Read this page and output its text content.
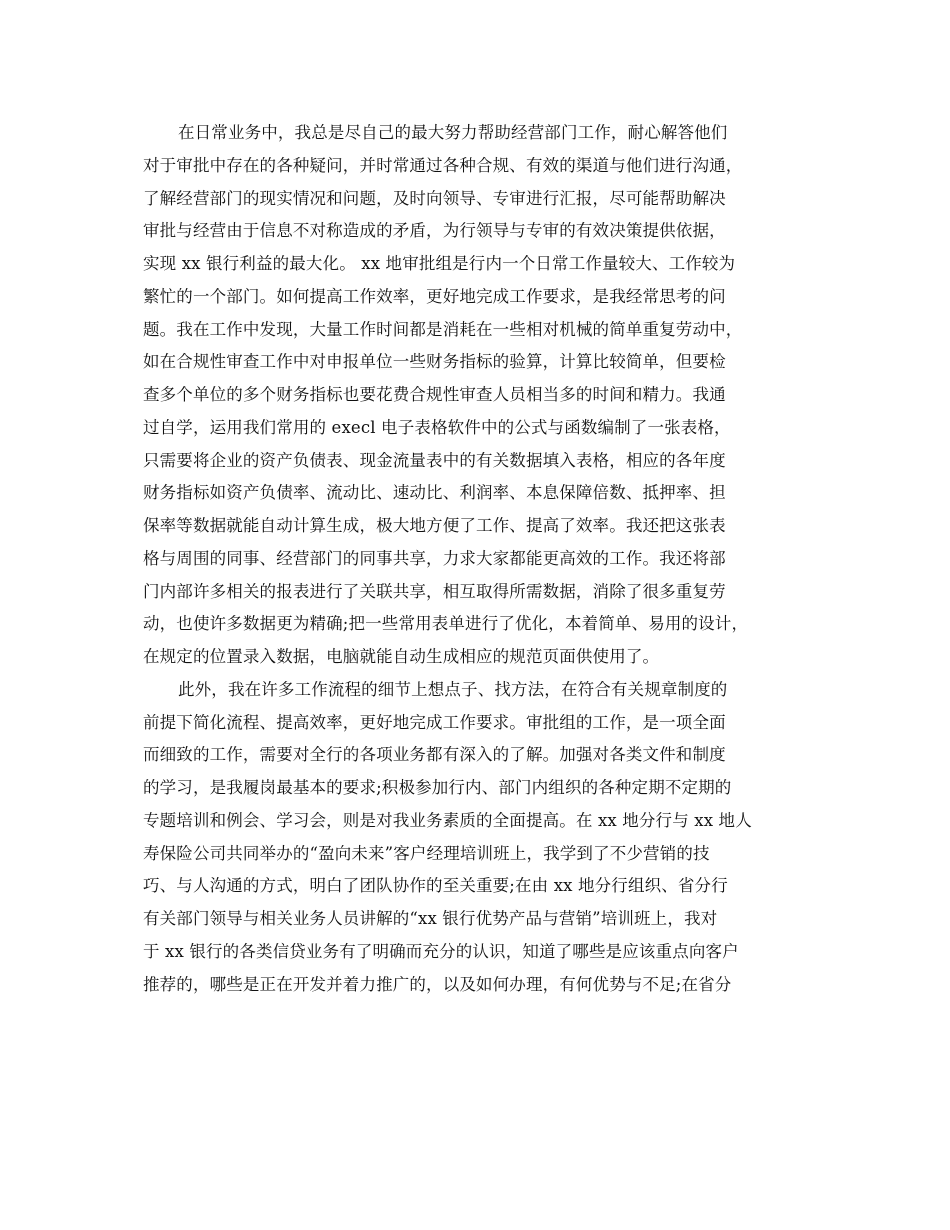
在日常业务中，我总是尽自己的最大努力帮助经营部门工作，耐心解答他们
对于审批中存在的各种疑问，并时常通过各种合规、有效的渠道与他们进行沟通，
了解经营部门的现实情况和问题，及时向领导、专审进行汇报，尽可能帮助解决
审批与经营由于信息不对称造成的矛盾，为行领导与专审的有效决策提供依据，
实现 xx 银行利益的最大化。 xx 地审批组是行内一个日常工作量较大、工作较为
繁忙的一个部门。如何提高工作效率，更好地完成工作要求，是我经常思考的问
题。我在工作中发现，大量工作时间都是消耗在一些相对机械的简单重复劳动中，
如在合规性审查工作中对申报单位一些财务指标的验算，计算比较简单，但要检
查多个单位的多个财务指标也要花费合规性审查人员相当多的时间和精力。我通
过自学，运用我们常用的 execl 电子表格软件中的公式与函数编制了一张表格，
只需要将企业的资产负债表、现金流量表中的有关数据填入表格，相应的各年度
财务指标如资产负债率、流动比、速动比、利润率、本息保障倍数、抵押率、担
保率等数据就能自动计算生成，极大地方便了工作、提高了效率。我还把这张表
格与周围的同事、经营部门的同事共享，力求大家都能更高效的工作。我还将部
门内部许多相关的报表进行了关联共享，相互取得所需数据，消除了很多重复劳
动，也使许多数据更为精确;把一些常用表单进行了优化，本着简单、易用的设计，
在规定的位置录入数据，电脑就能自动生成相应的规范页面供使用了。
此外，我在许多工作流程的细节上想点子、找方法，在符合有关规章制度的
前提下简化流程、提高效率，更好地完成工作要求。审批组的工作，是一项全面
而细致的工作，需要对全行的各项业务都有深入的了解。加强对各类文件和制度
的学习，是我履岗最基本的要求;积极参加行内、部门内组织的各种定期不定期的
专题培训和例会、学习会，则是对我业务素质的全面提高。在 xx 地分行与 xx 地人
寿保险公司共同举办的“盈向未来”客户经理培训班上，我学到了不少营销的技
巧、与人沟通的方式，明白了团队协作的至关重要;在由 xx 地分行组织、省分行
有关部门领导与相关业务人员讲解的“xx 银行优势产品与营销”培训班上，我对
于 xx 银行的各类信贷业务有了明确而充分的认识，知道了哪些是应该重点向客户
推荐的，哪些是正在开发并着力推广的，以及如何办理，有何优势与不足;在省分
